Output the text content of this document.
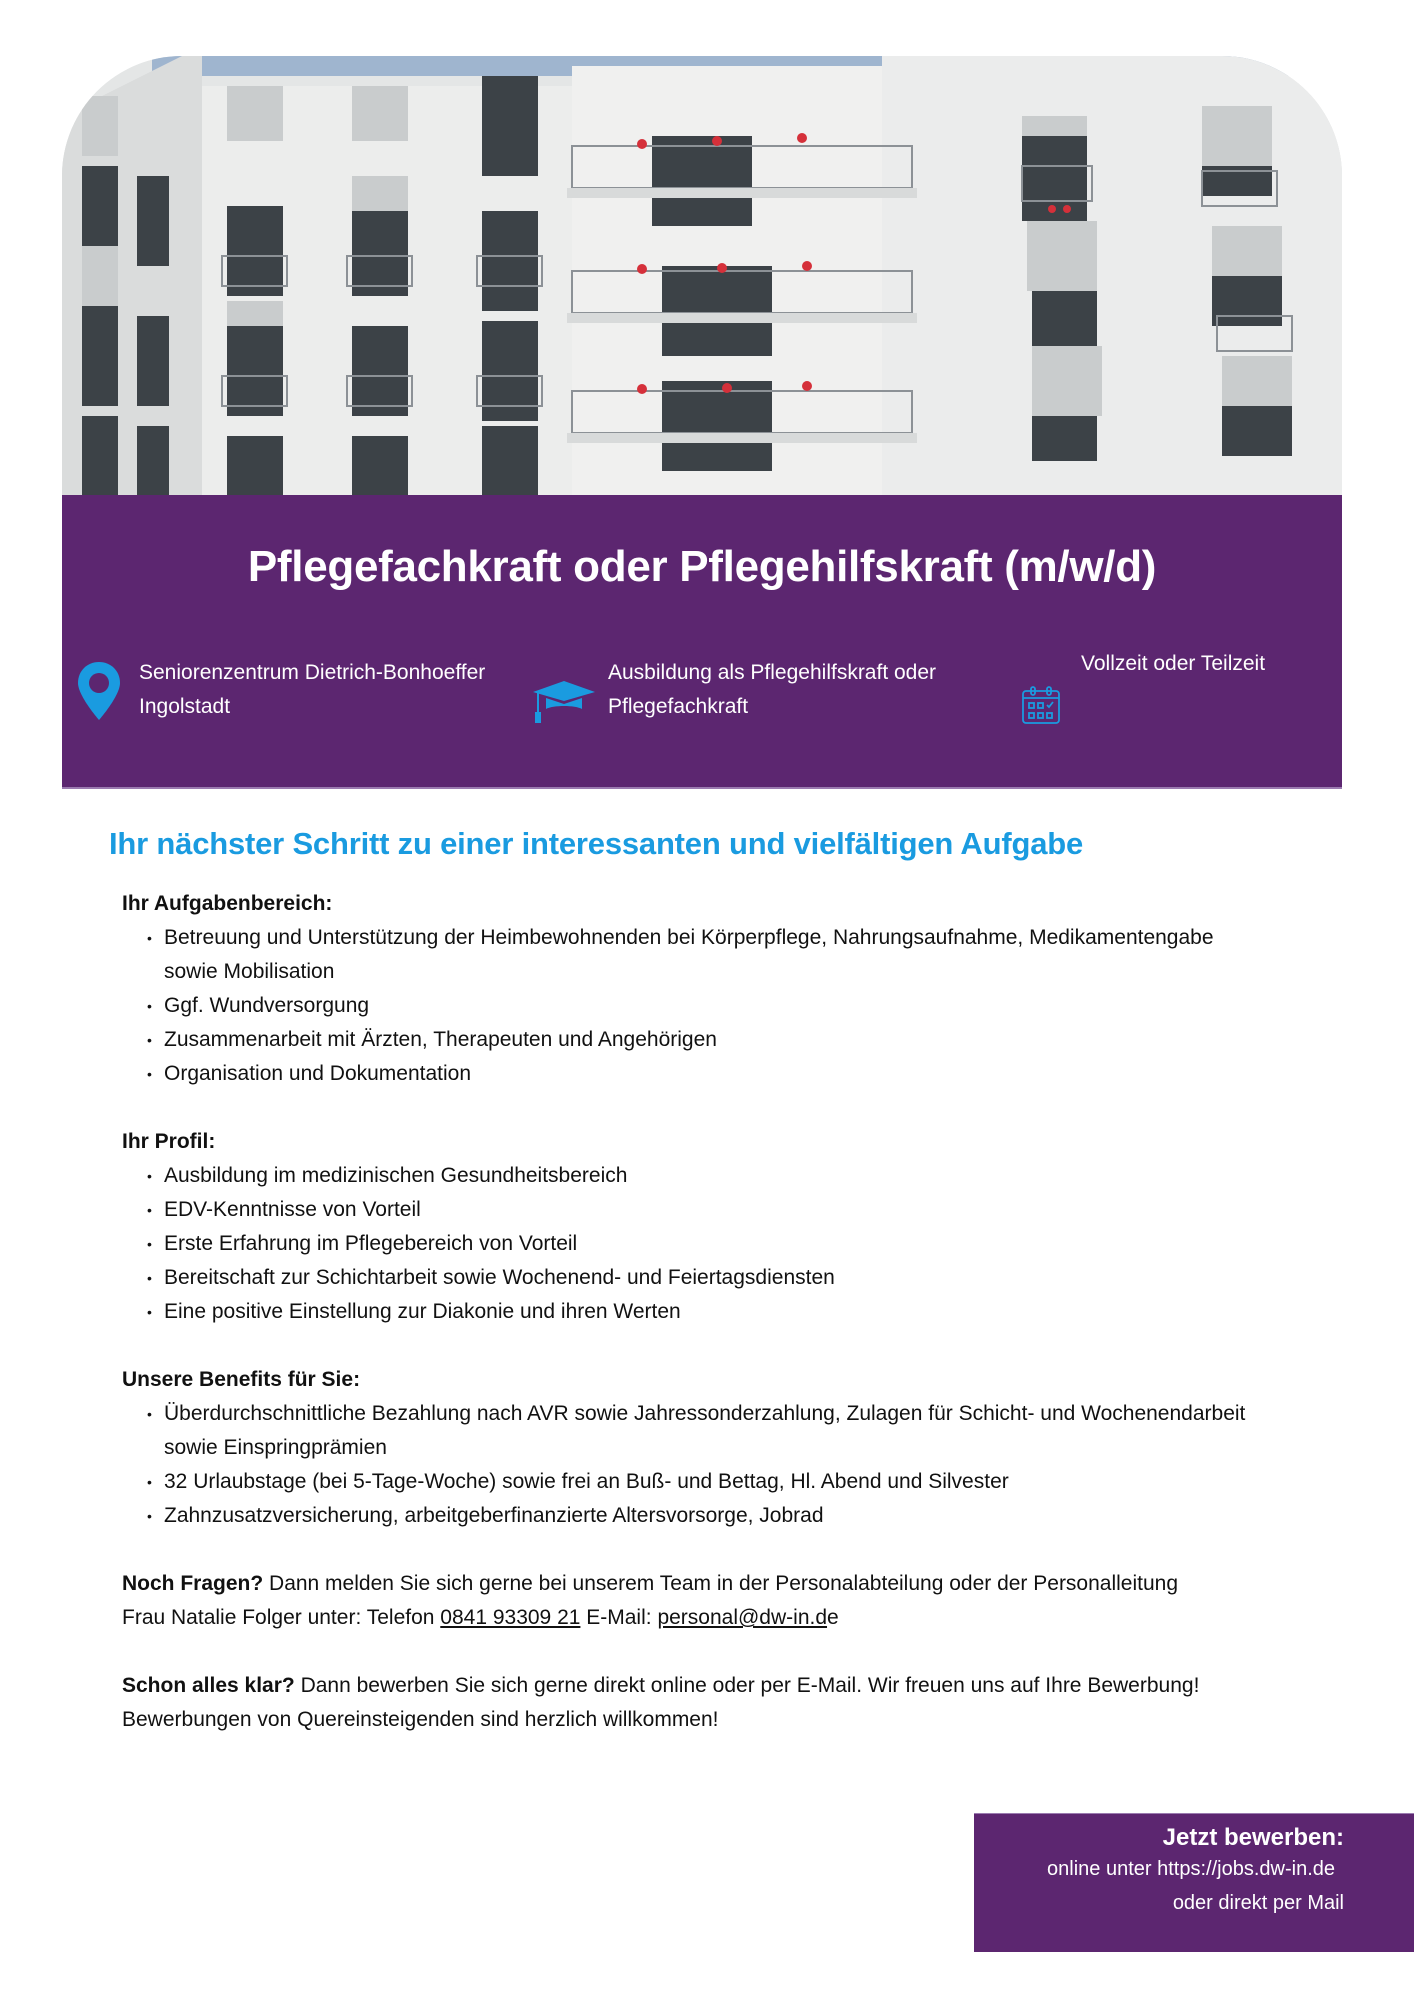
Pflegefachkraft oder Pflegehilfskraft (m/w/d)
Seniorenzentrum Dietrich-Bonhoeffer
Ingolstadt
Ausbildung als Pflegehilfskraft oder
Pflegefachkraft
Vollzeit oder Teilzeit
Ihr nächster Schritt zu einer interessanten und vielfältigen Aufgabe
Ihr Aufgabenbereich:
• Betreuung und Unterstützung der Heimbewohnenden bei Körperpflege, Nahrungsaufnahme, Medikamentengabe sowie Mobilisation
• Ggf. Wundversorgung
• Zusammenarbeit mit Ärzten, Therapeuten und Angehörigen
• Organisation und Dokumentation
Ihr Profil:
• Ausbildung im medizinischen Gesundheitsbereich
• EDV-Kenntnisse von Vorteil
• Erste Erfahrung im Pflegebereich von Vorteil
• Bereitschaft zur Schichtarbeit sowie Wochenend- und Feiertagsdiensten
• Eine positive Einstellung zur Diakonie und ihren Werten
Unsere Benefits für Sie:
• Überdurchschnittliche Bezahlung nach AVR sowie Jahressonderzahlung, Zulagen für Schicht- und Wochenendarbeit sowie Einspringprämien
• 32 Urlaubstage (bei 5-Tage-Woche) sowie frei an Buß- und Bettag, Hl. Abend und Silvester
• Zahnzusatzversicherung, arbeitgeberfinanzierte Altersvorsorge, Jobrad

Noch Fragen? Dann melden Sie sich gerne bei unserem Team in der Personalabteilung oder der Personalleitung Frau Natalie Folger unter: Telefon 0841 93309 21 E-Mail: personal@dw-in.de

Schon alles klar? Dann bewerben Sie sich gerne direkt online oder per E-Mail. Wir freuen uns auf Ihre Bewerbung! Bewerbungen von Quereinsteigenden sind herzlich willkommen!

Jetzt bewerben:
online unter https://jobs.dw-in.de
oder direkt per Mail
